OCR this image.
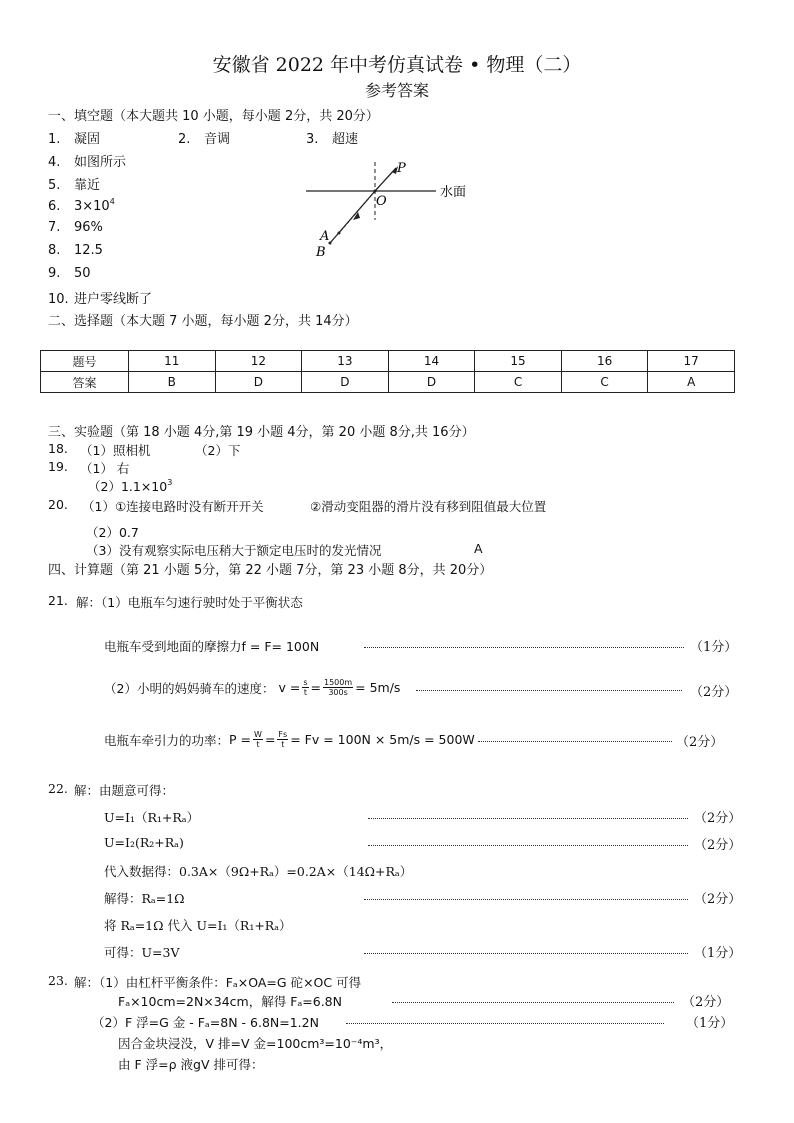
安徽省 2022 年中考仿真试卷 • 物理（二）
参考答案
一、填空题（本大题共 10 小题，每小题 2分，共 20分）
1. 凝固	2. 音调	3. 超速
4. 如图所示
5. 靠近
6. $3\times 10^4$
7. 96%
8. 12.5
9. 50
10. 进户零线断了
P
O
A
B
水面
二、选择题（本大题 7 小题，每小题 2分，共 14分）
题号	11	12	13	14	15	16	17
答案	B	D	D	D	C	C	A
三、实验题（第 18 小题 4分,第 19 小题 4分，第 20 小题 8分,共 16分）
18. （1）照相机	（2）下
19. （1） 右
$(2)1.1\times 10^3$
20. （1）①连接电路时没有断开开关	②滑动变阻器的滑片没有移到阻值最大位置
（2）0.7
（3）没有观察实际电压稍大于额定电压时的发光情况	A
四、计算题（第 21 小题 5分，第 22 小题 7分，第 23 小题 8分，共 20分）
21. 解：（1）电瓶车匀速行驶时处于平衡状态
电瓶车受到地面的摩擦力f = F= 100N	（1分）
（2）小明的妈妈骑车的速度： $v = \frac{s}{t} = \frac{1500m}{300s} = 5m/s$	（2分）
电瓶车牵引力的功率： $P = \frac{W}{t} = \frac{Fs}{t} = Fv = 100N \times 5m/s = 500W$	（2分）
22. 解：由题意可得：
U=I₁（R₁+Rₐ）	（2分）
U=I₂(R₂+Rₐ)	（2分）
代入数据得：0.3A×（9Ω+Rₐ）=0.2A×（14Ω+Rₐ）
解得：Rₐ=1Ω	（2分）
将 Rₐ=1Ω 代入 U=I₁（R₁+Rₐ）
可得：U=3V	（1分）
23. 解：（1）由杠杆平衡条件：Fₐ×OA=G 砣×OC 可得
Fₐ×10cm=2N×34cm，解得 Fₐ=6.8N	（2分）
（2）F 浮=G 金 - Fₐ=8N - 6.8N=1.2N	（1分）
因合金块浸没，V 排=V 金=100cm³=10⁻⁴m³，
由 F 浮=ρ 液gV 排可得：
